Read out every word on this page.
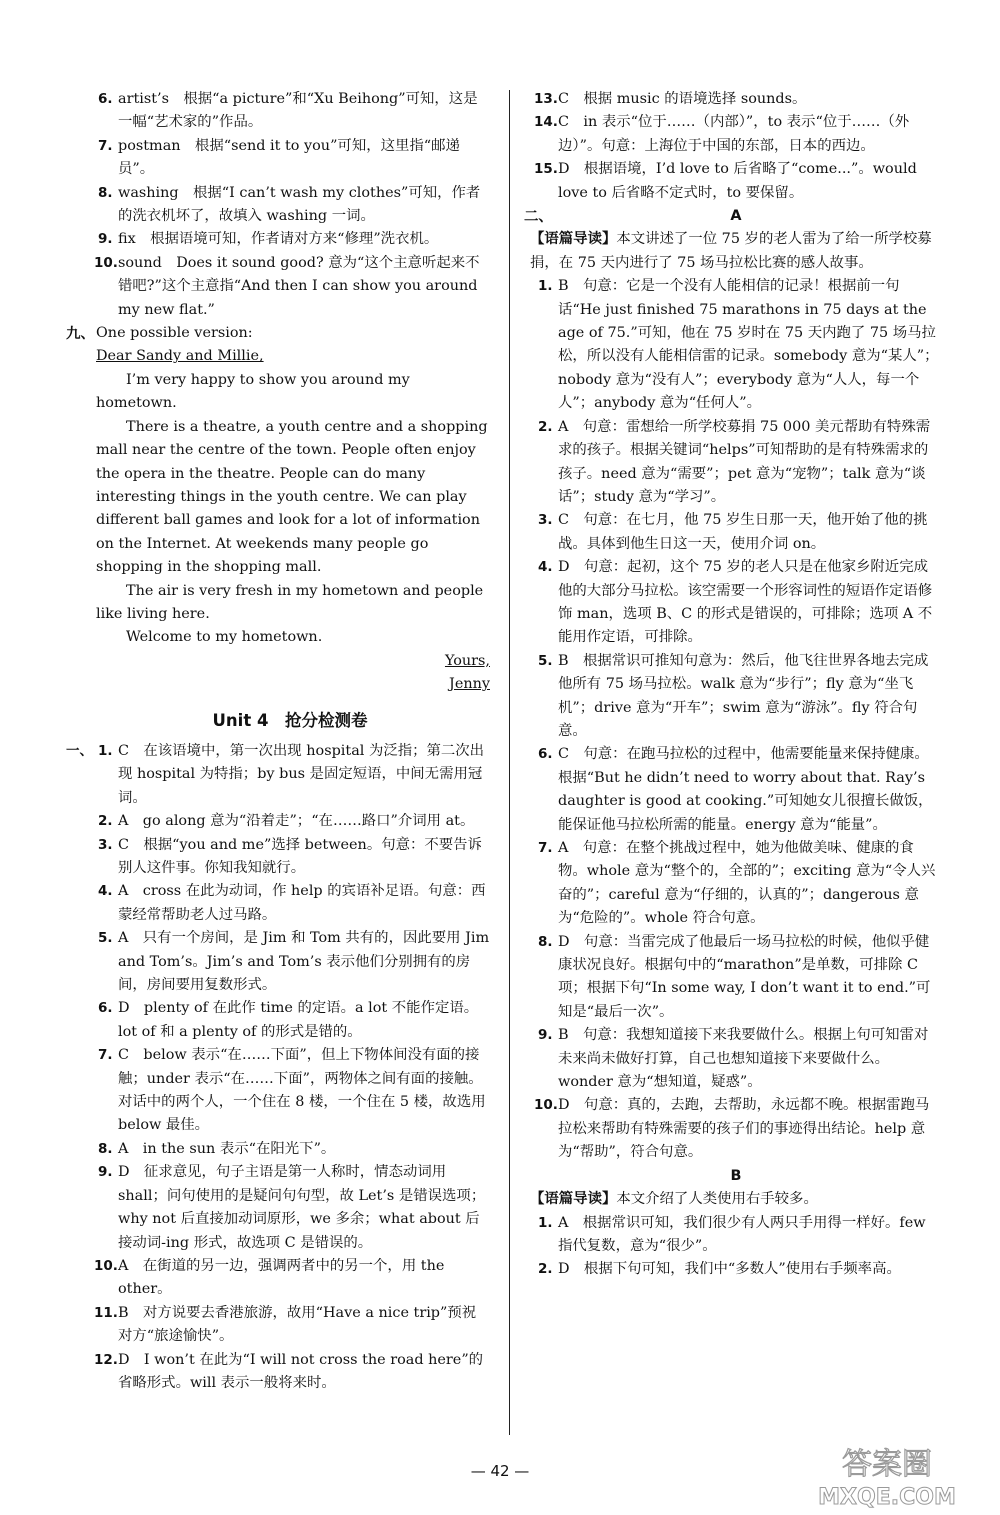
6. artist’s　根据“a picture”和“Xu Beihong”可知，这是一幅“艺术家的”作品。
7. postman　根据“send it to you”可知，这里指“邮递员”。
8. washing　根据“I can’t wash my clothes”可知，作者的洗衣机坏了，故填入 washing 一词。
9. fix　根据语境可知，作者请对方来“修理”洗衣机。
10. sound　Does it sound good? 意为“这个主意听起来不错吧?”这个主意指“And then I can show you around my new flat.”
九、 One possible version:
Dear Sandy and Millie,
I’m very happy to show you around my hometown.
There is a theatre, a youth centre and a shopping mall near the centre of the town. People often enjoy the opera in the theatre. People can do many interesting things in the youth centre. We can play different ball games and look for a lot of information on the Internet. At weekends many people go shopping in the shopping mall.
The air is very fresh in my hometown and people like living here.
Welcome to my hometown.
Yours,
Jenny
Unit 4　抢分检测卷
一、 1. C　在该语境中，第一次出现 hospital 为泛指；第二次出现 hospital 为特指；by bus 是固定短语，中间无需用冠词。
2. A　go along 意为“沿着走”；“在……路口”介词用 at。
3. C　根据“you and me”选择 between。句意：不要告诉别人这件事。你知我知就行。
4. A　cross 在此为动词，作 help 的宾语补足语。句意：西蒙经常帮助老人过马路。
5. A　只有一个房间，是 Jim 和 Tom 共有的，因此要用 Jim and Tom’s。Jim’s and Tom’s 表示他们分别拥有的房间，房间要用复数形式。
6. D　plenty of 在此作 time 的定语。a lot 不能作定语。lot of 和 a plenty of 的形式是错的。
7. C　below 表示“在……下面”，但上下物体间没有面的接触；under 表示“在……下面”，两物体之间有面的接触。对话中的两个人，一个住在 8 楼，一个住在 5 楼，故选用 below 最佳。
8. A　in the sun 表示“在阳光下”。
9. D　征求意见，句子主语是第一人称时，情态动词用 shall；问句使用的是疑问句句型，故 Let’s 是错误选项；why not 后直接加动词原形，we 多余；what about 后接动词-ing 形式，故选项 C 是错误的。
10. A　在街道的另一边，强调两者中的另一个，用 the other。
11. B　对方说要去香港旅游，故用“Have a nice trip”预祝对方“旅途愉快”。
12. D　I won’t 在此为“I will not cross the road here”的省略形式。will 表示一般将来时。
13. C　根据 music 的语境选择 sounds。
14. C　in 表示“位于……（内部）”，to 表示“位于……（外边）”。句意：上海位于中国的东部，日本的西边。
15. D　根据语境，I’d love to 后省略了“come...”。would love to 后省略不定式时，to 要保留。
二、	A
【语篇导读】本文讲述了一位 75 岁的老人雷为了给一所学校募捐，在 75 天内进行了 75 场马拉松比赛的感人故事。
1. B　句意：它是一个没有人能相信的记录！根据前一句话“He just finished 75 marathons in 75 days at the age of 75.”可知，他在 75 岁时在 75 天内跑了 75 场马拉松，所以没有人能相信雷的记录。somebody 意为“某人”；nobody 意为“没有人”；everybody 意为“人人，每一个人”；anybody 意为“任何人”。
2. A　句意：雷想给一所学校募捐 75 000 美元帮助有特殊需求的孩子。根据关键词“helps”可知帮助的是有特殊需求的孩子。need 意为“需要”；pet 意为“宠物”；talk 意为“谈话”；study 意为“学习”。
3. C　句意：在七月，他 75 岁生日那一天，他开始了他的挑战。具体到他生日这一天，使用介词 on。
4. D　句意：起初，这个 75 岁的老人只是在他家乡附近完成他的大部分马拉松。该空需要一个形容词性的短语作定语修饰 man，选项 B、C 的形式是错误的，可排除；选项 A 不能用作定语，可排除。
5. B　根据常识可推知句意为：然后，他飞往世界各地去完成他所有 75 场马拉松。walk 意为“步行”；fly 意为“坐飞机”；drive 意为“开车”；swim 意为“游泳”。fly 符合句意。
6. C　句意：在跑马拉松的过程中，他需要能量来保持健康。根据“But he didn’t need to worry about that. Ray’s daughter is good at cooking.”可知她女儿很擅长做饭，能保证他马拉松所需的能量。energy 意为“能量”。
7. A　句意：在整个挑战过程中，她为他做美味、健康的食物。whole 意为“整个的，全部的”；exciting 意为“令人兴奋的”；careful 意为“仔细的，认真的”；dangerous 意为“危险的”。whole 符合句意。
8. D　句意：当雷完成了他最后一场马拉松的时候，他似乎健康状况良好。根据句中的“marathon”是单数，可排除 C 项；根据下句“In some way, I don’t want it to end.”可知是“最后一次”。
9. B　句意：我想知道接下来我要做什么。根据上句可知雷对未来尚未做好打算，自己也想知道接下来要做什么。wonder 意为“想知道，疑惑”。
10. D　句意：真的，去跑，去帮助，永远都不晚。根据雷跑马拉松来帮助有特殊需要的孩子们的事迹得出结论。help 意为“帮助”，符合句意。
B
【语篇导读】本文介绍了人类使用右手较多。
1. A　根据常识可知，我们很少有人两只手用得一样好。few 指代复数，意为“很少”。
2. D　根据下句可知，我们中“多数人”使用右手频率高。
— 42 —	答案圈
MXQE.COM
